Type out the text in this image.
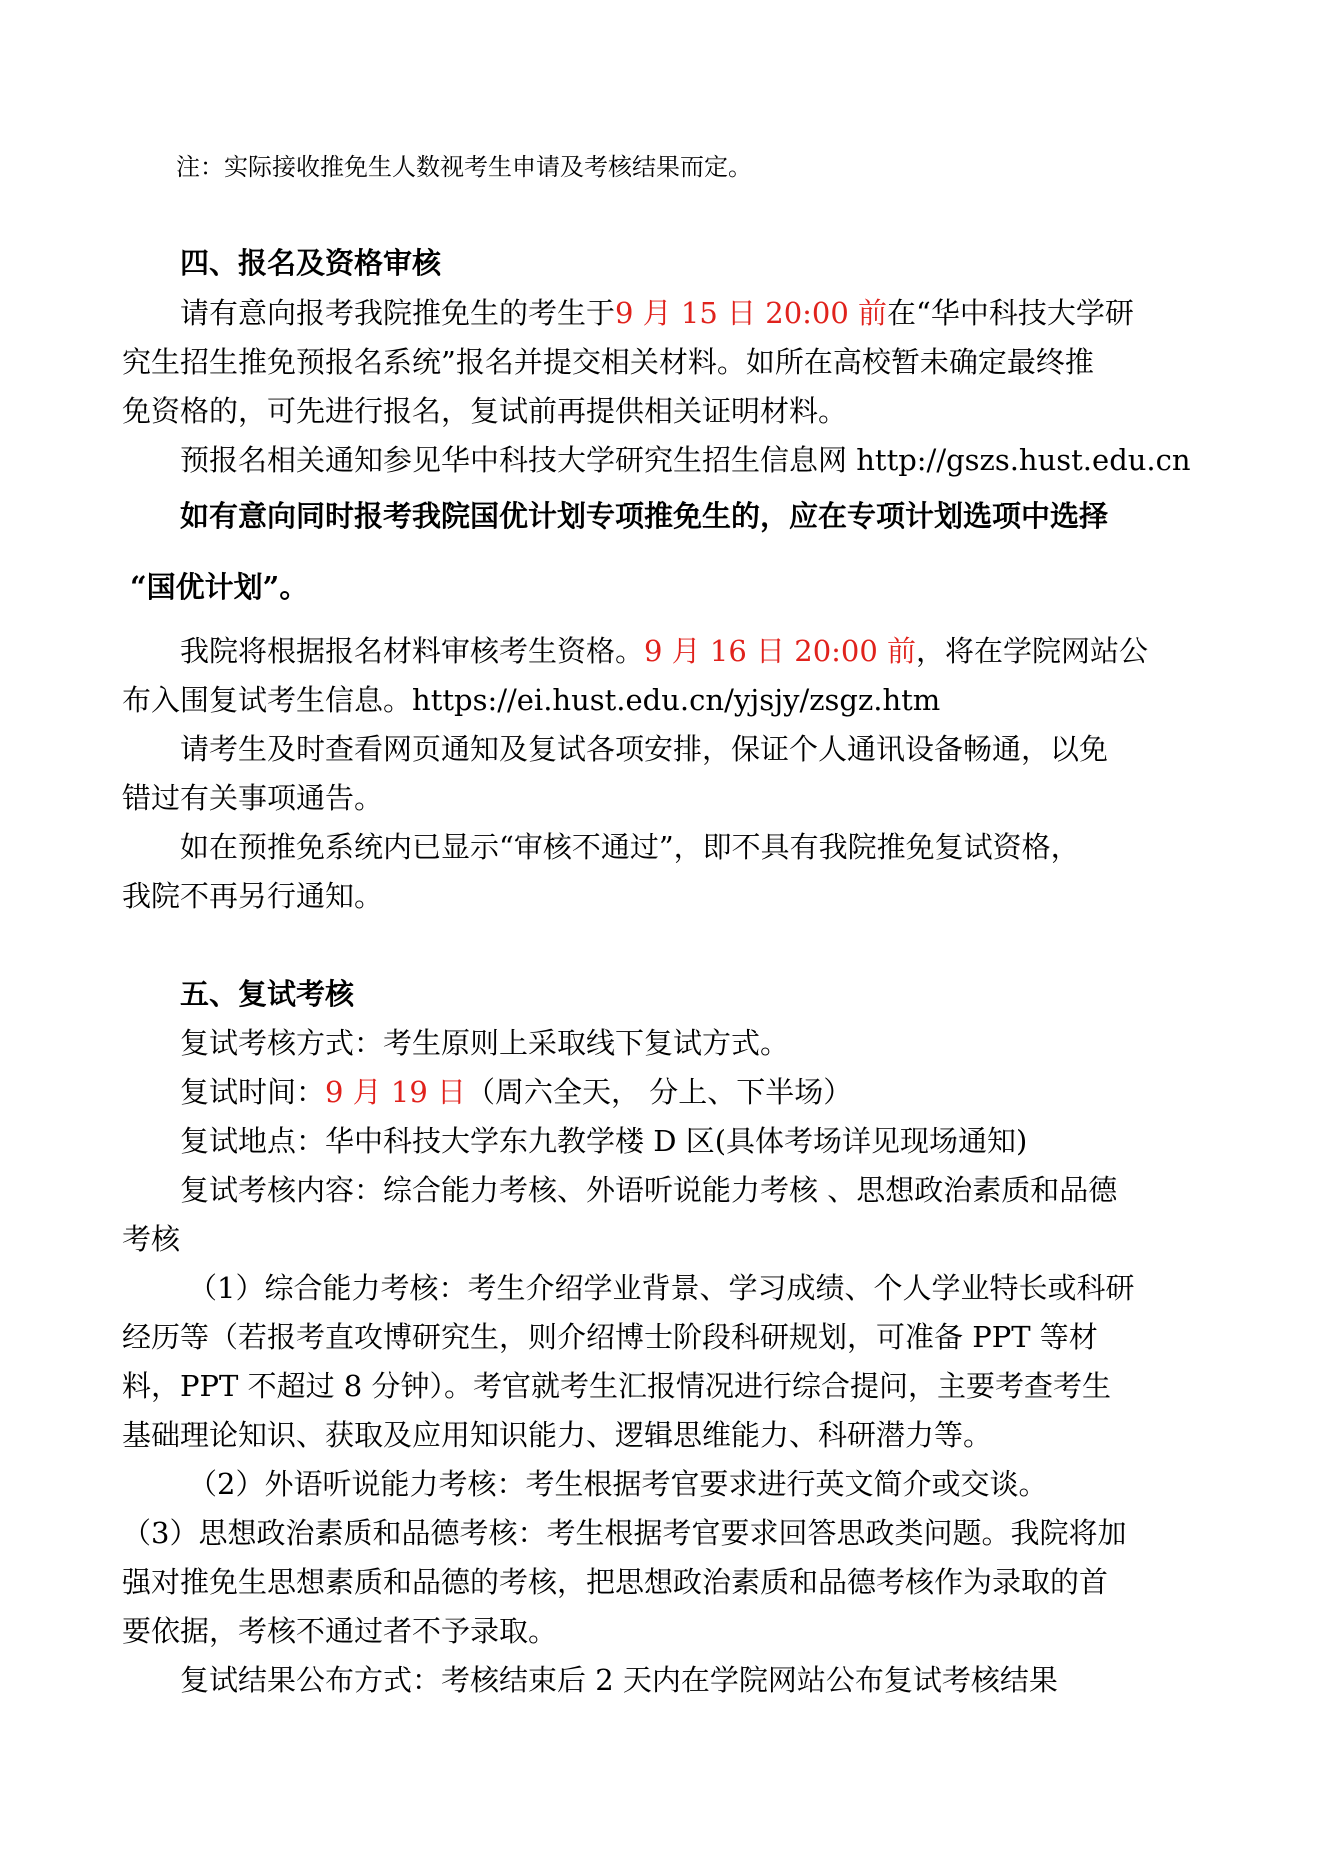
注：实际接收推免生人数视考生申请及考核结果而定。
四、报名及资格审核
请有意向报考我院推免生的考生于9 月 15 日 20:00 前在“华中科技大学研
究生招生推免预报名系统”报名并提交相关材料。如所在高校暂未确定最终推
免资格的，可先进行报名，复试前再提供相关证明材料。
预报名相关通知参见华中科技大学研究生招生信息网 http://gszs.hust.edu.cn
如有意向同时报考我院国优计划专项推免生的，应在专项计划选项中选择
“国优计划”。
我院将根据报名材料审核考生资格。9 月 16 日 20:00 前，将在学院网站公
布入围复试考生信息。https://ei.hust.edu.cn/yjsjy/zsgz.htm
请考生及时查看网页通知及复试各项安排，保证个人通讯设备畅通，以免
错过有关事项通告。
如在预推免系统内已显示“审核不通过”，即不具有我院推免复试资格，
我院不再另行通知。
五、复试考核
复试考核方式：考生原则上采取线下复试方式。
复试时间：9 月 19 日（周六全天， 分上、下半场）
复试地点：华中科技大学东九教学楼 D 区(具体考场详见现场通知)
复试考核内容：综合能力考核、外语听说能力考核 、思想政治素质和品德
考核
（1）综合能力考核：考生介绍学业背景、学习成绩、个人学业特长或科研
经历等（若报考直攻博研究生，则介绍博士阶段科研规划，可准备 PPT 等材
料，PPT 不超过 8 分钟）。考官就考生汇报情况进行综合提问，主要考查考生
基础理论知识、获取及应用知识能力、逻辑思维能力、科研潜力等。
（2）外语听说能力考核：考生根据考官要求进行英文简介或交谈。
（3）思想政治素质和品德考核：考生根据考官要求回答思政类问题。我院将加
强对推免生思想素质和品德的考核，把思想政治素质和品德考核作为录取的首
要依据，考核不通过者不予录取。
复试结果公布方式：考核结束后 2 天内在学院网站公布复试考核结果
